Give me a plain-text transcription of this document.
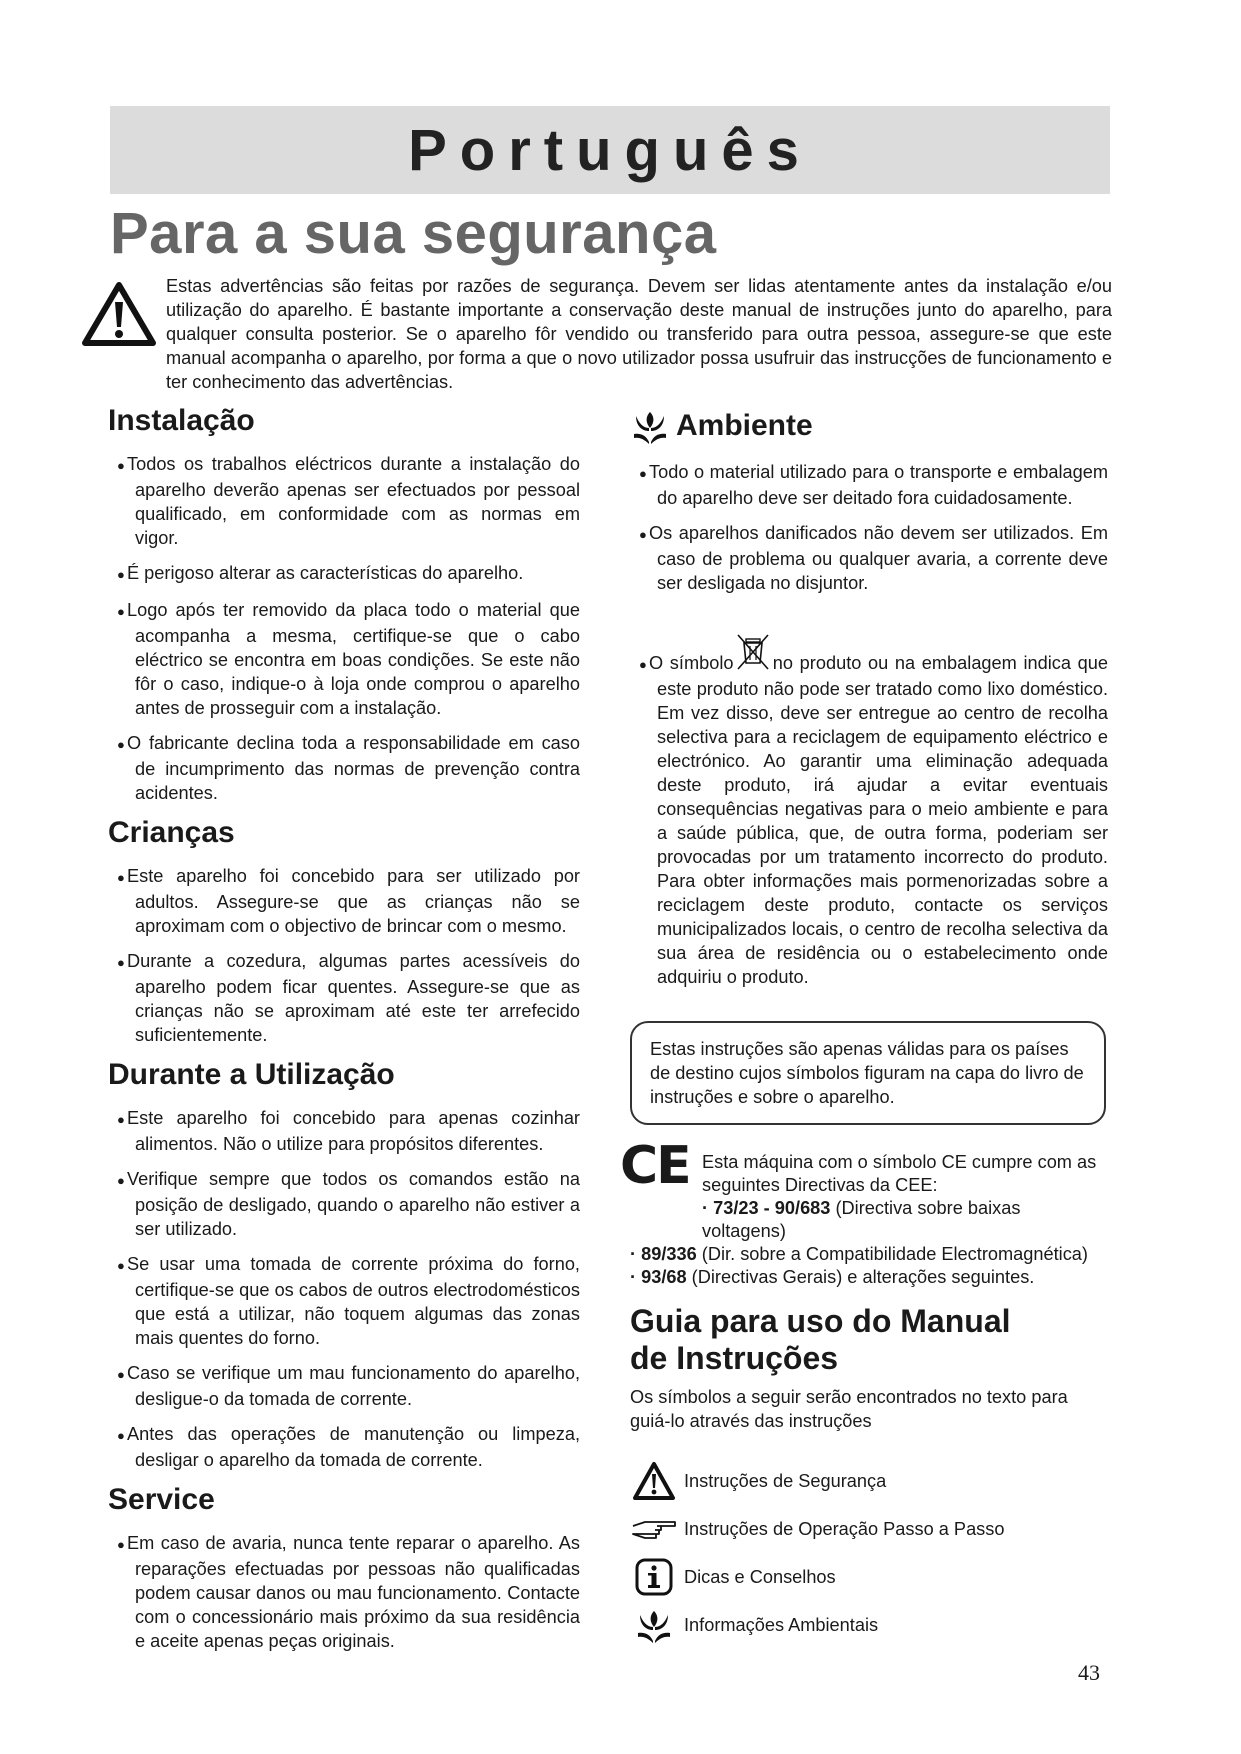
Português
Para a sua segurança

Estas advertências são feitas por razões de segurança. Devem ser lidas atentamente antes da instalação e/ou utilização do aparelho. É bastante importante a conservação deste manual de instruções junto do aparelho, para qualquer consulta posterior. Se o aparelho fôr vendido ou transferido para outra pessoa, assegure-se que este manual acompanha o aparelho, por forma a que o novo utilizador possa usufruir das instrucções de funcionamento e ter conhecimento das advertências.

Instalação
● Todos os trabalhos eléctricos durante a instalação do aparelho deverão apenas ser efectuados por pessoal qualificado, em conformidade com as normas em vigor.
● É perigoso alterar as características do aparelho.
● Logo após ter removido da placa todo o material que acompanha a mesma, certifique-se que o cabo eléctrico se encontra em boas condições. Se este não fôr o caso, indique-o à loja onde comprou o aparelho antes de prosseguir com a instalação.
● O fabricante declina toda a responsabilidade em caso de incumprimento das normas de prevenção contra acidentes.
Crianças
● Este aparelho foi concebido para ser utilizado por adultos. Assegure-se que as crianças não se aproximam com o objectivo de brincar com o mesmo.
● Durante a cozedura, algumas partes acessíveis do aparelho podem ficar quentes. Assegure-se que as crianças não se aproximam até este ter arrefecido suficientemente.
Durante a Utilização
● Este aparelho foi concebido para apenas cozinhar alimentos. Não o utilize para propósitos diferentes.
● Verifique sempre que todos os comandos estão na posição de desligado, quando o aparelho não estiver a ser utilizado.
● Se usar uma tomada de corrente próxima do forno, certifique-se que os cabos de outros electrodomésticos que está a utilizar, não toquem algumas das zonas mais quentes do forno.
● Caso se verifique um mau funcionamento do aparelho, desligue-o da tomada de corrente.
● Antes das operações de manutenção ou limpeza, desligar o aparelho da tomada de corrente.
Service
● Em caso de avaria, nunca tente reparar o aparelho. As reparações efectuadas por pessoas não qualificadas podem causar danos ou mau funcionamento. Contacte com o concessionário mais próximo da sua residência e aceite apenas peças originais.
Ambiente
● Todo o material utilizado para o transporte e embalagem do aparelho deve ser deitado fora cuidadosamente.
● Os aparelhos danificados não devem ser utilizados. Em caso de problema ou qualquer avaria, a corrente deve ser desligada no disjuntor.
● O símbolo  no produto ou na embalagem indica que este produto não pode ser tratado como lixo doméstico. Em vez disso, deve ser entregue ao centro de recolha selectiva para a reciclagem de equipamento eléctrico e electrónico. Ao garantir uma eliminação adequada deste produto, irá ajudar a evitar eventuais consequências negativas para o meio ambiente e para a saúde pública, que, de outra forma, poderiam ser provocadas por um tratamento incorrecto do produto. Para obter informações mais pormenorizadas sobre a reciclagem deste produto, contacte os serviços municipalizados locais, o centro de recolha selectiva da sua área de residência ou o estabelecimento onde adquiriu o produto.
Estas instruções são apenas válidas para os países de destino cujos símbolos figuram na capa do livro de instruções e sobre o aparelho.
CE Esta máquina com o símbolo CE cumpre com as seguintes Directivas da CEE:
· 73/23 - 90/683 (Directiva sobre baixas voltagens)
· 89/336 (Dir. sobre a Compatibilidade Electromagnética)
· 93/68 (Directivas Gerais) e alterações seguintes.
Guia para uso do Manual
de Instruções
Os símbolos a seguir serão encontrados no texto para guiá-lo através das instruções
Instruções de Segurança
Instruções de Operação Passo a Passo
Dicas e Conselhos
Informações Ambientais
43
